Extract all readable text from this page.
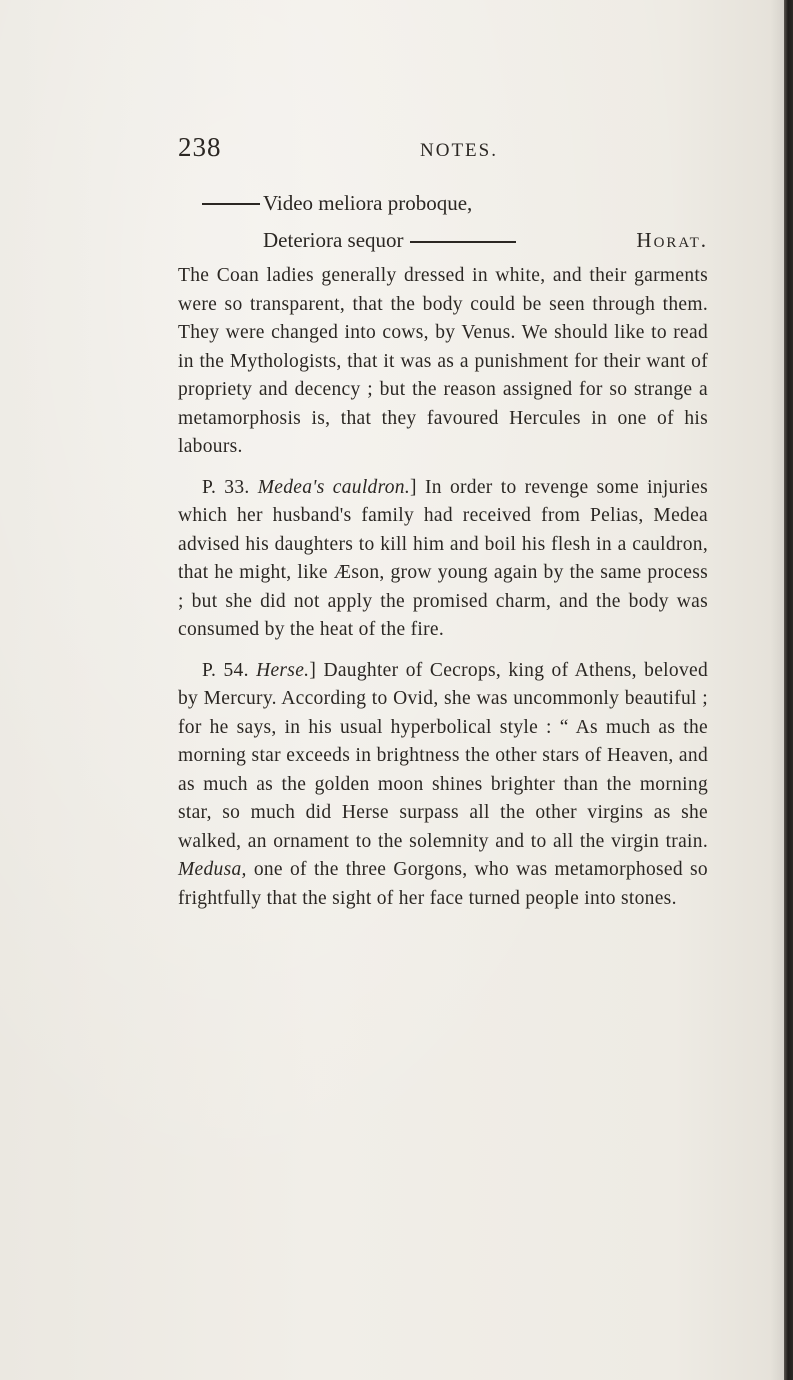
238	NOTES.
Video meliora proboque,
Deteriora sequor	Horat.

The Coan ladies generally dressed in white, and their garments were so transparent, that the body could be seen through them. They were changed into cows, by Venus. We should like to read in the Mythologists, that it was as a punishment for their want of propriety and decency ; but the reason assigned for so strange a metamorphosis is, that they favoured Hercules in one of his labours.

P. 33. Medea's cauldron.] In order to revenge some injuries which her husband's family had received from Pelias, Medea advised his daughters to kill him and boil his flesh in a cauldron, that he might, like Æson, grow young again by the same process ; but she did not apply the promised charm, and the body was consumed by the heat of the fire.

P. 54. Herse.] Daughter of Cecrops, king of Athens, beloved by Mercury. According to Ovid, she was uncommonly beautiful ; for he says, in his usual hyperbolical style : “ As much as the morning star exceeds in brightness the other stars of Heaven, and as much as the golden moon shines brighter than the morning star, so much did Herse surpass all the other virgins as she walked, an ornament to the solemnity and to all the virgin train. Medusa, one of the three Gorgons, who was metamorphosed so frightfully that the sight of her face turned people into stones.
